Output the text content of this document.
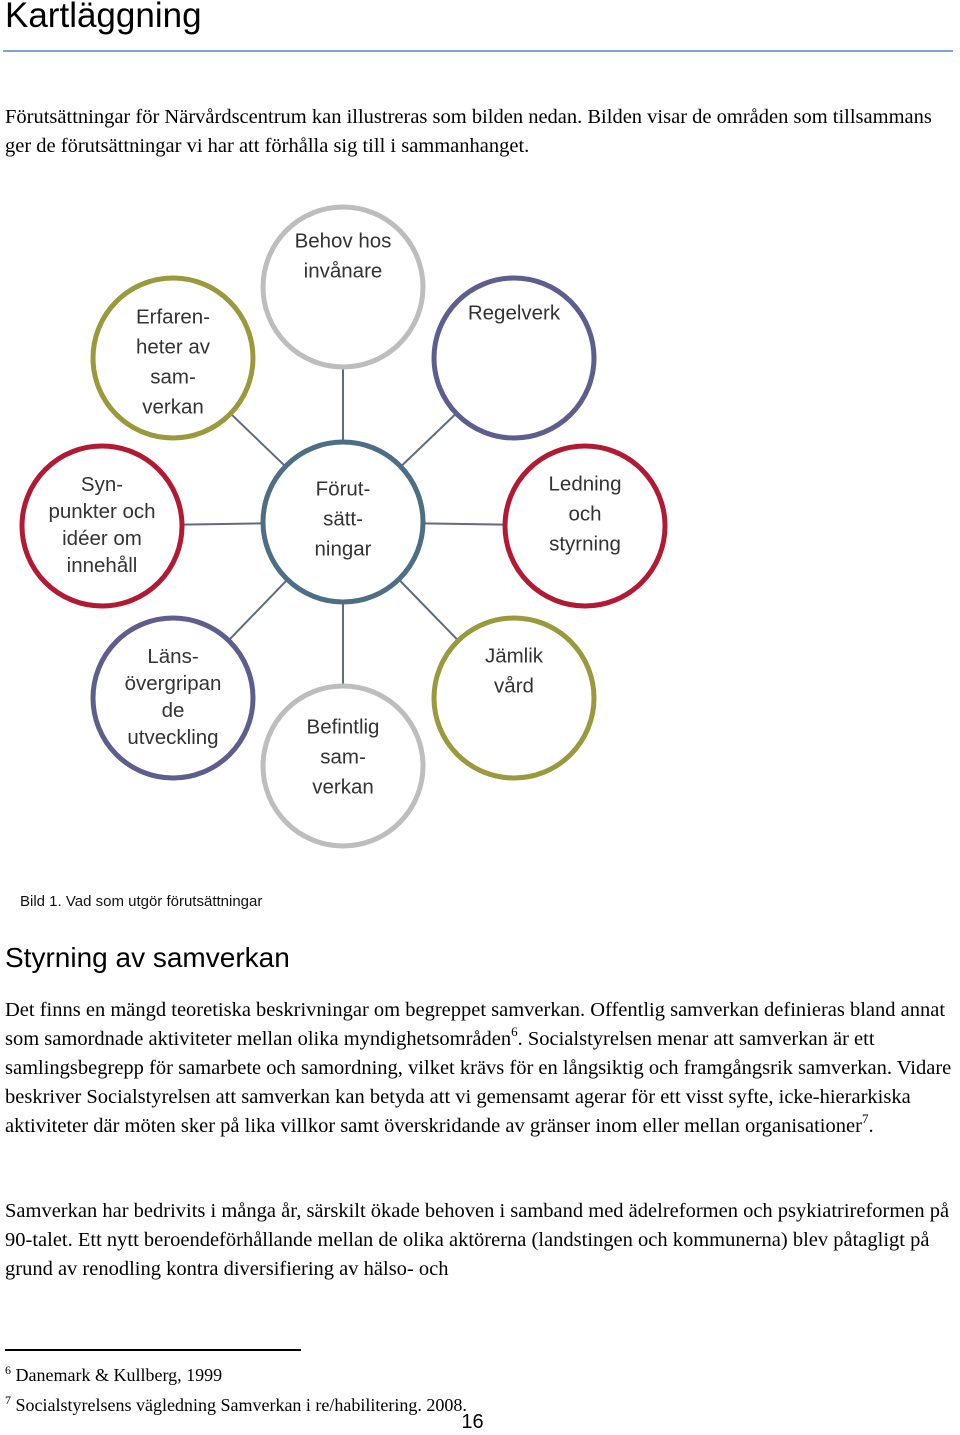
Kartläggning

Förutsättningar för Närvårdscentrum kan illustreras som bilden nedan. Bilden visar de områden som tillsammans ger de förutsättningar vi har att förhålla sig till i sammanhanget.

Förut-
sätt-
ningar
Behov hos
invånare
Erfaren-
heter av
sam-
verkan
Regelverk
Syn-
punkter och
idéer om
innehåll
Ledning
och
styrning
Läns-
övergripan
de
utveckling	Befintlig
sam-
verkan
Jämlik
vård
Bild 1. Vad som utgör förutsättningar
Styrning av samverkan

Det finns en mängd teoretiska beskrivningar om begreppet samverkan. Offentlig samverkan definieras bland annat som samordnade aktiviteter mellan olika myndighetsområden$^6$. Socialstyrelsen menar att samverkan är ett samlingsbegrepp för samarbete och samordning, vilket krävs för en långsiktig och framgångsrik samverkan. Vidare beskriver Socialstyrelsen att samverkan kan betyda att vi gemensamt agerar för ett visst syfte, icke-hierarkiska aktiviteter där möten sker på lika villkor samt överskridande av gränser inom eller mellan organisationer$^7$.

Samverkan har bedrivits i många år, särskilt ökade behoven i samband med ädelreformen och psykiatrireformen på 90-talet. Ett nytt beroendeförhållande mellan de olika aktörerna (landstingen och kommunerna) blev påtagligt på grund av renodling kontra diversifiering av hälso- och

$^6$ Danemark & Kullberg, 1999
$^7$ Socialstyrelsens vägledning Samverkan i re/habilitering. 2008.
16
